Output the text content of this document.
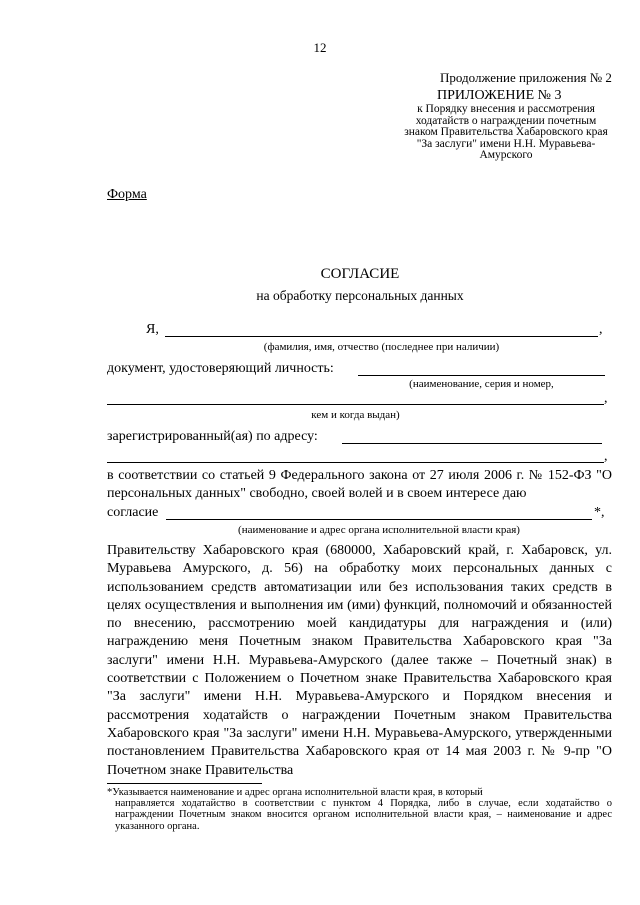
12
Продолжение приложения № 2
ПРИЛОЖЕНИЕ № 3
к Порядку внесения и рассмотрения ходатайств о награждении почетным знаком Правительства Хабаровского края "За заслуги" имени Н.Н. Муравьева-Амурского
Форма
СОГЛАСИЕ
на обработку персональных данных
Я,	,
(фамилия, имя, отчество (последнее при наличии)
документ, удостоверяющий личность:
(наименование, серия и номер,
,
кем и когда выдан)
зарегистрированный(ая) по адресу:
,
в соответствии со статьей 9 Федерального закона от 27 июля 2006 г. № 152-ФЗ "О персональных данных" свободно, своей волей и в своем интересе даю
согласие	*,
(наименование и адрес органа исполнительной власти края)
Правительству Хабаровского края (680000, Хабаровский край, г. Хабаровск, ул. Муравьева Амурского, д. 56) на обработку моих персональных данных с использованием средств автоматизации или без использования таких средств в целях осуществления и выполнения им (ими) функций, полномочий и обязанностей по внесению, рассмотрению моей кандидатуры для награждения и (или) награждению меня Почетным знаком Правительства Хабаровского края "За заслуги" имени Н.Н. Муравьева-Амурского (далее также – Почетный знак) в соответствии с Положением о Почетном знаке Правительства Хабаровского края "За заслуги" имени Н.Н. Муравьева-Амурского и Порядком внесения и рассмотрения ходатайств о награждении Почетным знаком Правительства Хабаровского края "За заслуги" имени Н.Н. Муравьева-Амурского, утвержденными постановлением Правительства Хабаровского края от 14 мая 2003 г. № 9-пр "О Почетном знаке Правительства
*Указывается наименование и адрес органа исполнительной власти края, в который
направляется ходатайство в соответствии с пунктом 4 Порядка, либо в случае, если ходатайство о награждении Почетным знаком вносится органом исполнительной власти края, – наименование и адрес указанного органа.
